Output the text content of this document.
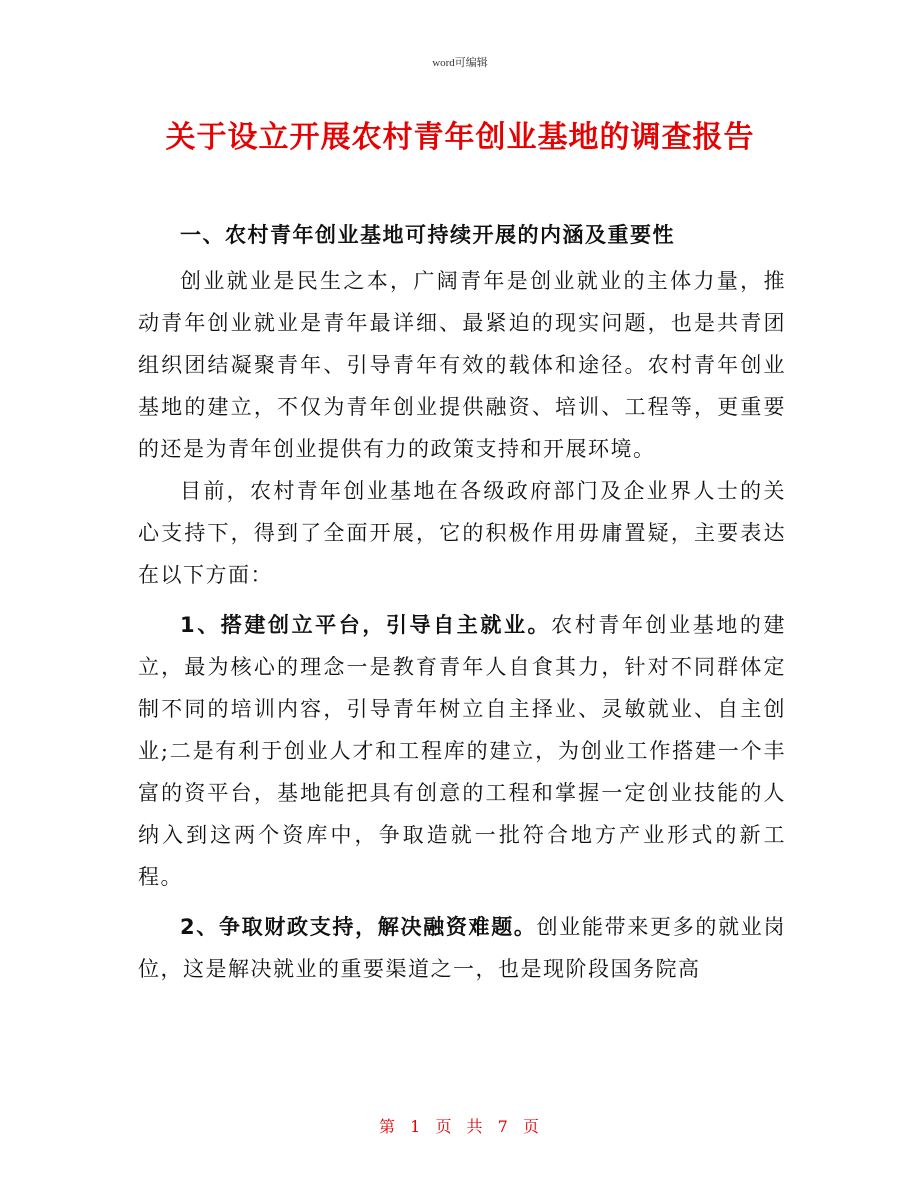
word可编辑
关于设立开展农村青年创业基地的调查报告

一、农村青年创业基地可持续开展的内涵及重要性

创业就业是民生之本，广阔青年是创业就业的主体力量，推动青年创业就业是青年最详细、最紧迫的现实问题，也是共青团组织团结凝聚青年、引导青年有效的载体和途径。农村青年创业基地的建立，不仅为青年创业提供融资、培训、工程等，更重要的还是为青年创业提供有力的政策支持和开展环境。

目前，农村青年创业基地在各级政府部门及企业界人士的关心支持下，得到了全面开展，它的积极作用毋庸置疑，主要表达在以下方面：

1、搭建创立平台，引导自主就业。农村青年创业基地的建立，最为核心的理念一是教育青年人自食其力，针对不同群体定制不同的培训内容，引导青年树立自主择业、灵敏就业、自主创业;二是有利于创业人才和工程库的建立，为创业工作搭建一个丰富的资平台，基地能把具有创意的工程和掌握一定创业技能的人纳入到这两个资库中，争取造就一批符合地方产业形式的新工程。

2、争取财政支持，解决融资难题。创业能带来更多的就业岗位，这是解决就业的重要渠道之一，也是现阶段国务院高

第 1 页 共 7 页
